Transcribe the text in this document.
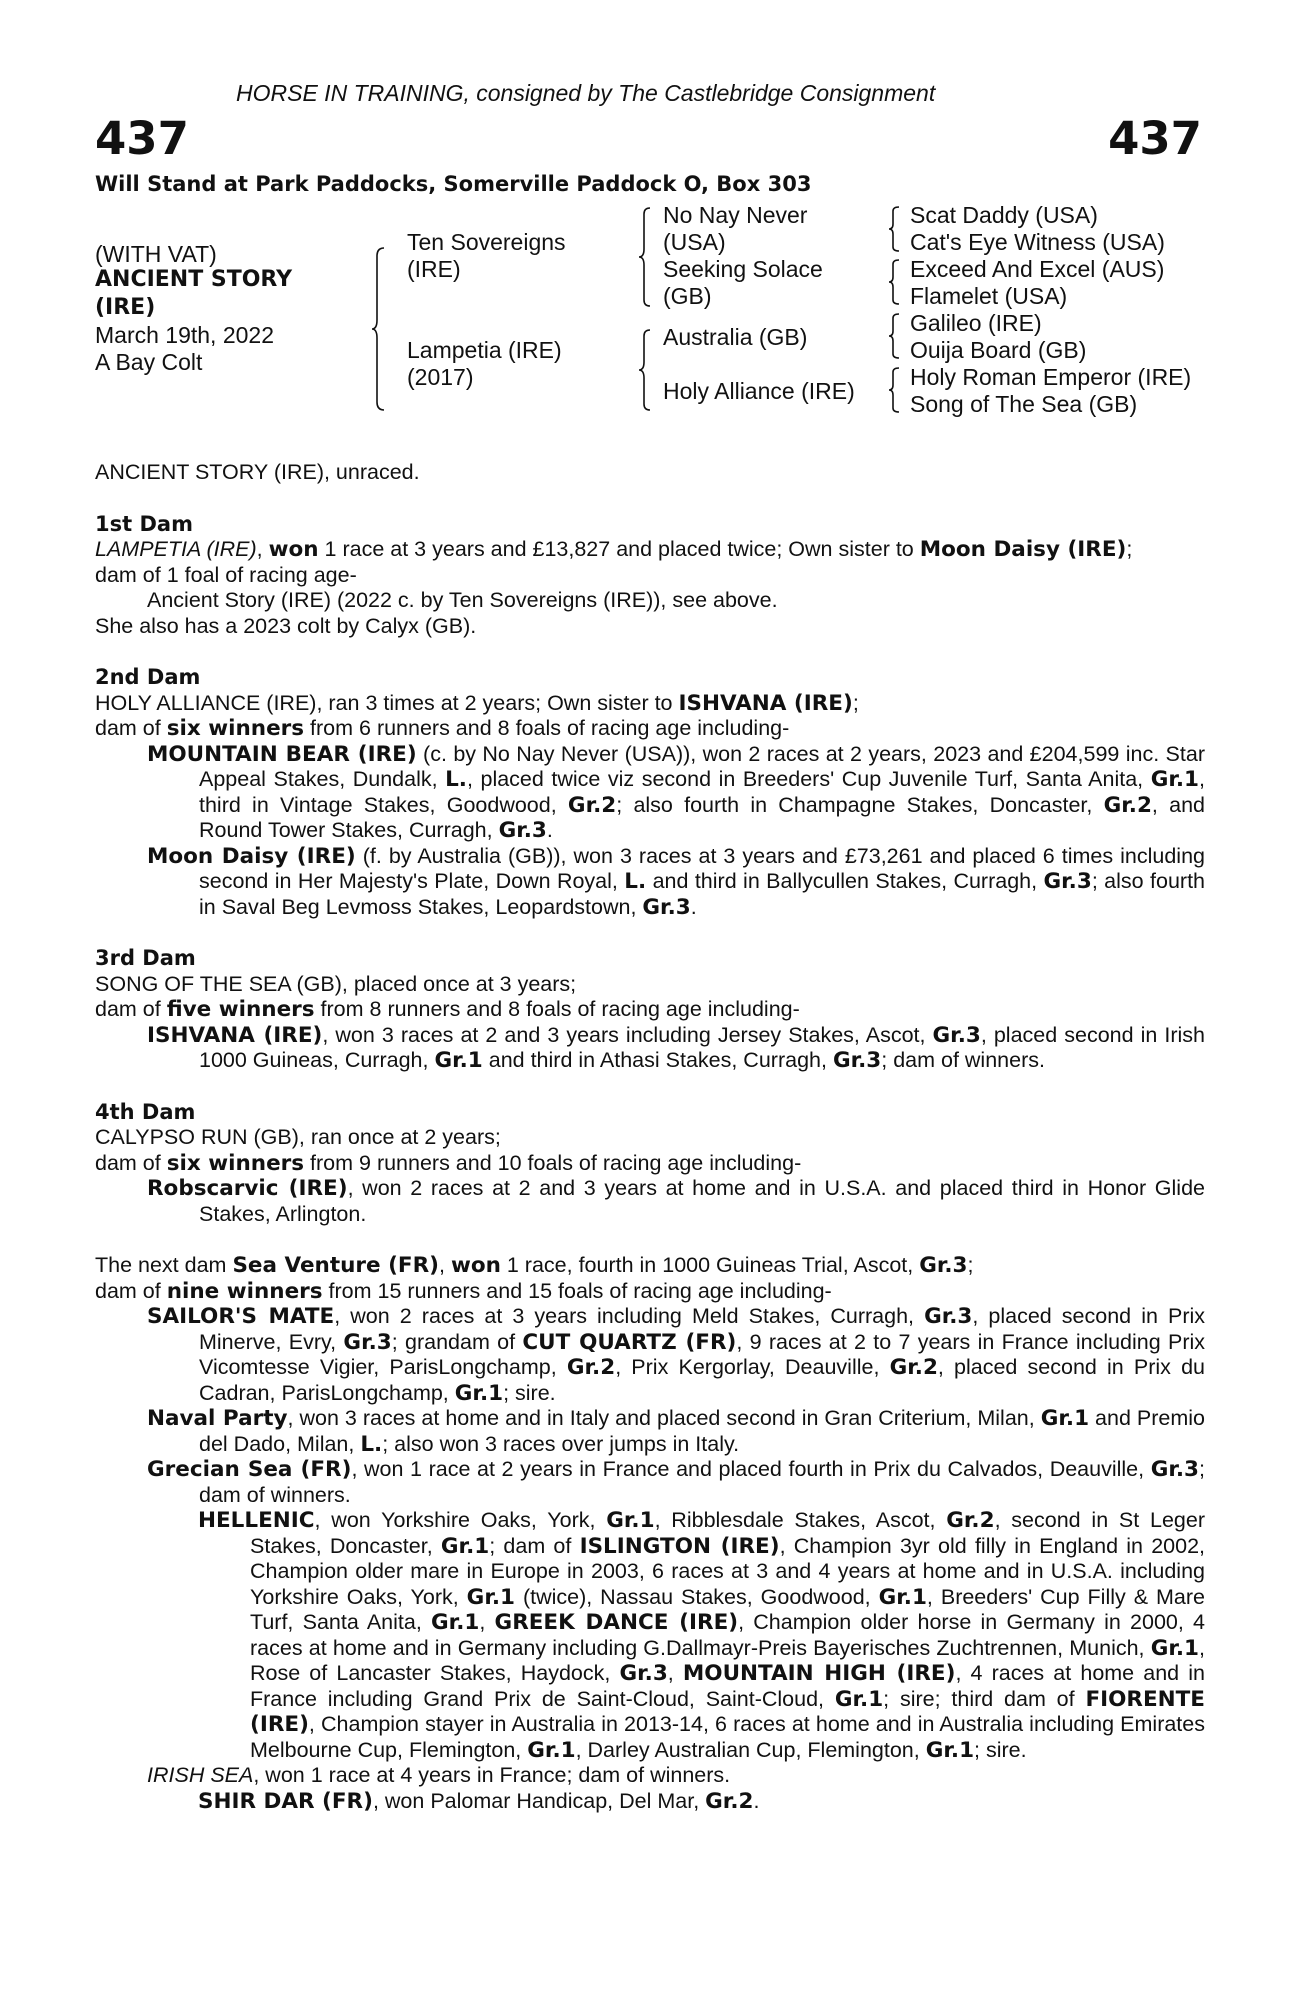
HORSE IN TRAINING, consigned by The Castlebridge Consignment
437	437
Will Stand at Park Paddocks, Somerville Paddock O, Box 303
(WITH VAT)
ANCIENT STORY
(IRE)
March 19th, 2022
A Bay Colt
Ten Sovereigns
(IRE)
Lampetia (IRE)
(2017)
No Nay Never
(USA)
Seeking Solace
(GB)
Australia (GB)
Holy Alliance (IRE)
Scat Daddy (USA)
Cat's Eye Witness (USA)
Exceed And Excel (AUS)
Flamelet (USA)
Galileo (IRE)
Ouija Board (GB)
Holy Roman Emperor (IRE)
Song of The Sea (GB)

ANCIENT STORY (IRE), unraced.

1st Dam

LAMPETIA (IRE), won 1 race at 3 years and £13,827 and placed twice; Own sister to Moon Daisy (IRE);

dam of 1 foal of racing age-

Ancient Story (IRE) (2022 c. by Ten Sovereigns (IRE)), see above.

She also has a 2023 colt by Calyx (GB).

2nd Dam

HOLY ALLIANCE (IRE), ran 3 times at 2 years; Own sister to ISHVANA (IRE);

dam of six winners from 6 runners and 8 foals of racing age including-

MOUNTAIN BEAR (IRE) (c. by No Nay Never (USA)), won 2 races at 2 years, 2023 and £204,599 inc. Star Appeal Stakes, Dundalk, L., placed twice viz second in Breeders' Cup Juvenile Turf, Santa Anita, Gr.1, third in Vintage Stakes, Goodwood, Gr.2; also fourth in Champagne Stakes, Doncaster, Gr.2, and Round Tower Stakes, Curragh, Gr.3.

Moon Daisy (IRE) (f. by Australia (GB)), won 3 races at 3 years and £73,261 and placed 6 times including second in Her Majesty's Plate, Down Royal, L. and third in Ballycullen Stakes, Curragh, Gr.3; also fourth in Saval Beg Levmoss Stakes, Leopardstown, Gr.3.

3rd Dam

SONG OF THE SEA (GB), placed once at 3 years;

dam of five winners from 8 runners and 8 foals of racing age including-

ISHVANA (IRE), won 3 races at 2 and 3 years including Jersey Stakes, Ascot, Gr.3, placed second in Irish 1000 Guineas, Curragh, Gr.1 and third in Athasi Stakes, Curragh, Gr.3; dam of winners.

4th Dam

CALYPSO RUN (GB), ran once at 2 years;

dam of six winners from 9 runners and 10 foals of racing age including-

Robscarvic (IRE), won 2 races at 2 and 3 years at home and in U.S.A. and placed third in Honor Glide Stakes, Arlington.

The next dam Sea Venture (FR), won 1 race, fourth in 1000 Guineas Trial, Ascot, Gr.3;

dam of nine winners from 15 runners and 15 foals of racing age including-

SAILOR'S MATE, won 2 races at 3 years including Meld Stakes, Curragh, Gr.3, placed second in Prix Minerve, Evry, Gr.3; grandam of CUT QUARTZ (FR), 9 races at 2 to 7 years in France including Prix Vicomtesse Vigier, ParisLongchamp, Gr.2, Prix Kergorlay, Deauville, Gr.2, placed second in Prix du Cadran, ParisLongchamp, Gr.1; sire.

Naval Party, won 3 races at home and in Italy and placed second in Gran Criterium, Milan, Gr.1 and Premio del Dado, Milan, L.; also won 3 races over jumps in Italy.

Grecian Sea (FR), won 1 race at 2 years in France and placed fourth in Prix du Calvados, Deauville, Gr.3; dam of winners.

HELLENIC, won Yorkshire Oaks, York, Gr.1, Ribblesdale Stakes, Ascot, Gr.2, second in St Leger Stakes, Doncaster, Gr.1; dam of ISLINGTON (IRE), Champion 3yr old filly in England in 2002, Champion older mare in Europe in 2003, 6 races at 3 and 4 years at home and in U.S.A. including Yorkshire Oaks, York, Gr.1 (twice), Nassau Stakes, Goodwood, Gr.1, Breeders' Cup Filly & Mare Turf, Santa Anita, Gr.1, GREEK DANCE (IRE), Champion older horse in Germany in 2000, 4 races at home and in Germany including G.Dallmayr-Preis Bayerisches Zuchtrennen, Munich, Gr.1, Rose of Lancaster Stakes, Haydock, Gr.3, MOUNTAIN HIGH (IRE), 4 races at home and in France including Grand Prix de Saint-Cloud, Saint-Cloud, Gr.1; sire; third dam of FIORENTE (IRE), Champion stayer in Australia in 2013-14, 6 races at home and in Australia including Emirates Melbourne Cup, Flemington, Gr.1, Darley Australian Cup, Flemington, Gr.1; sire.

IRISH SEA, won 1 race at 4 years in France; dam of winners.

SHIR DAR (FR), won Palomar Handicap, Del Mar, Gr.2.
